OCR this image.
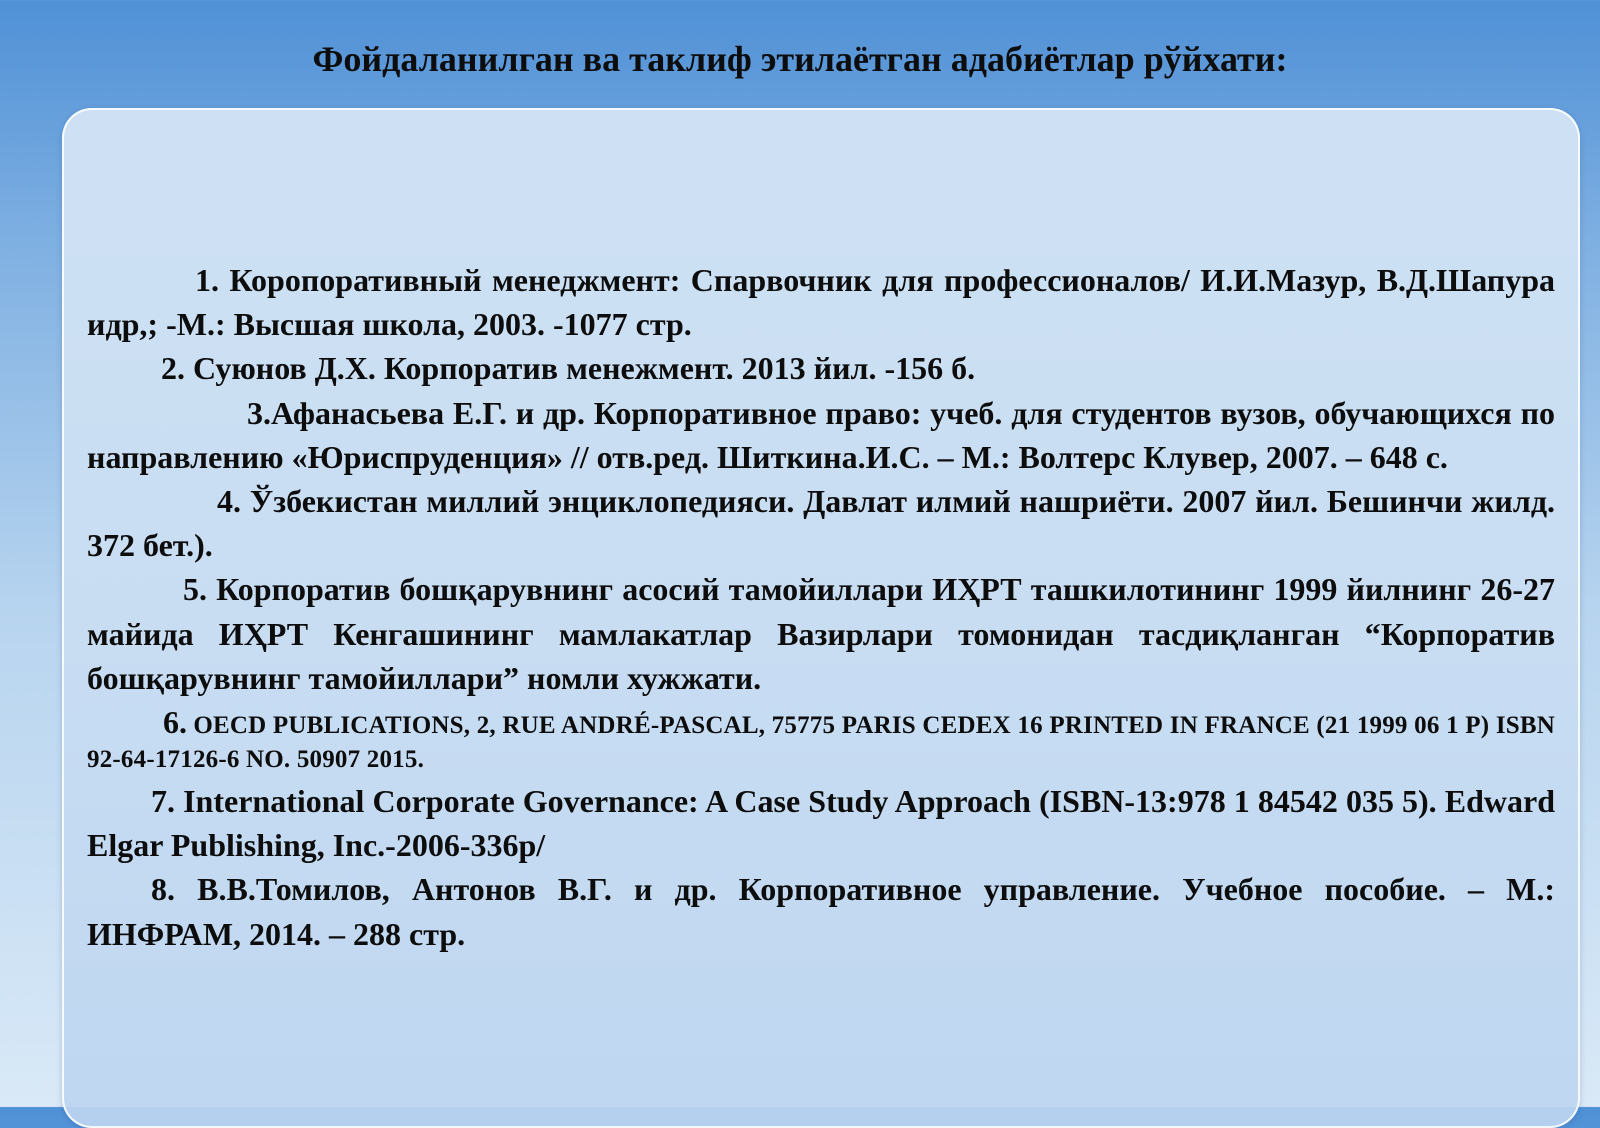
Фойдаланилган ва таклиф этилаётган адабиётлар рўйхати:

1. Коропоративный менеджмент: Спарвочник для профессионалов/ И.И.Мазур, В.Д.Шапура идр,; -М.: Высшая школа, 2003. -1077 стр.

2. Суюнов Д.Х. Корпоратив менежмент. 2013 йил. -156 б.

3.Афанасьева Е.Г. и др. Корпоративное право: учеб. для студентов вузов, обучающихся по направлению «Юриспруденция» // отв.ред. Шиткина.И.С. – М.: Волтерс Клувер, 2007. – 648 с.

4. Ўзбекистан миллий энциклопедияси. Давлат илмий нашриёти. 2007 йил. Бешинчи жилд. 372 бет.).

5. Корпоратив бошқарувнинг асосий тамойиллари ИҲРТ ташкилотининг 1999 йилнинг 26-27 майида ИҲРТ Кенгашининг мамлакатлар Вазирлари томонидан тасдиқланган “Корпоратив бошқарувнинг тамойиллари” номли хужжати.

6. OECD PUBLICATIONS, 2, RUE ANDRÉ-PASCAL, 75775 PARIS CEDEX 16 PRINTED IN FRANCE (21 1999 06 1 P) ISBN 92-64-17126-6 NO. 50907 2015.

7. International Corporate Governance: A Case Study Approach (ISBN-13:978 1 84542 035 5). Edward Elgar Publishing, Inc.-2006-336p/

8. В.В.Томилов, Антонов В.Г. и др. Корпоративное управление. Учебное пособие. – М.: ИНФРАМ, 2014. – 288 стр.
